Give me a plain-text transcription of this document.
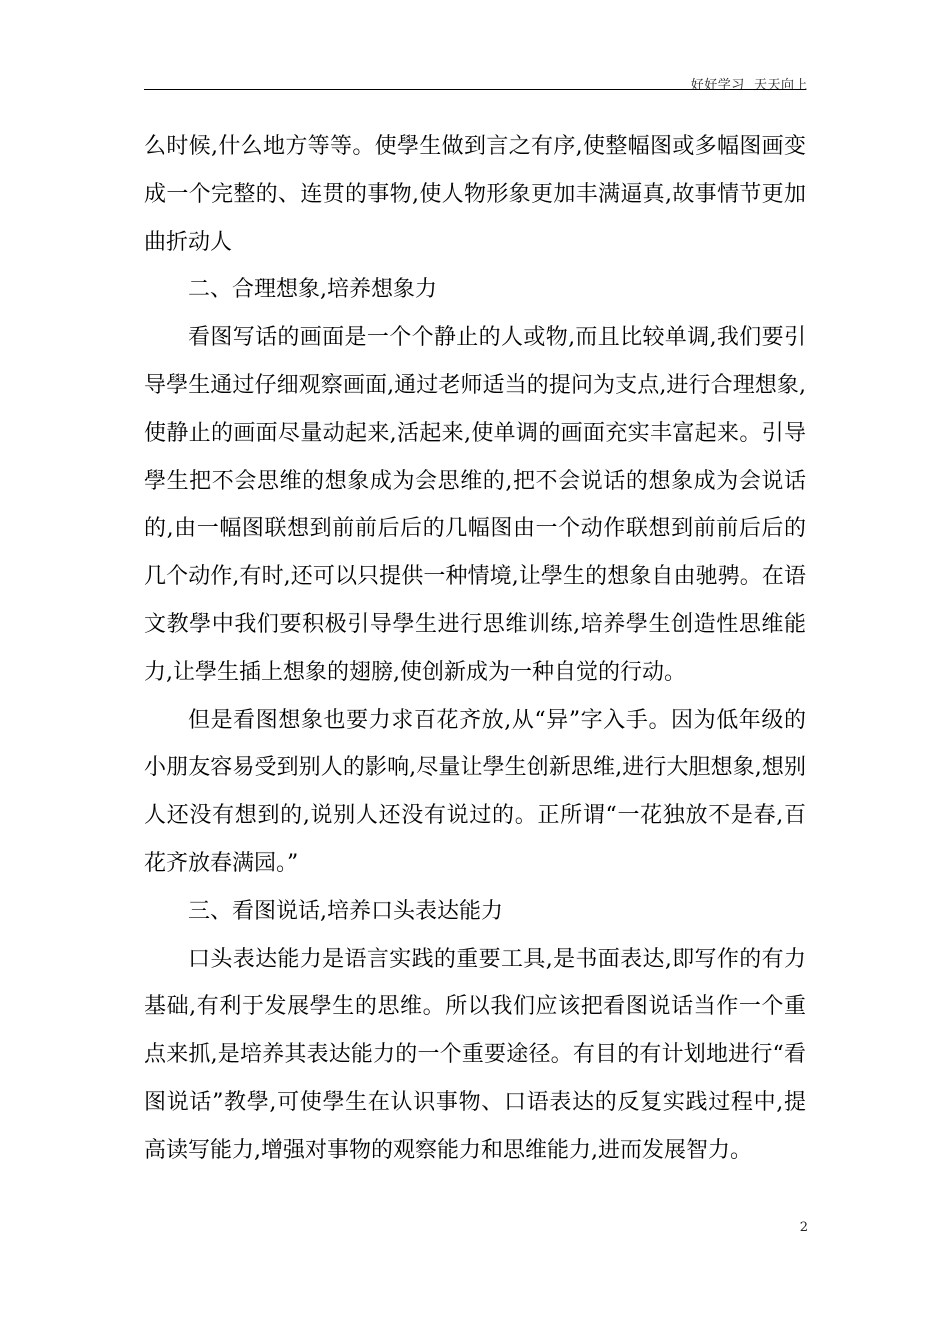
好好学习  天天向上

么时候,什么地方等等。使學生做到言之有序,使整幅图或多幅图画变成一个完整的、连贯的事物,使人物形象更加丰满逼真,故事情节更加曲折动人

二、合理想象,培养想象力

看图写话的画面是一个个静止的人或物,而且比较单调,我们要引导學生通过仔细观察画面,通过老师适当的提问为支点,进行合理想象,使静止的画面尽量动起来,活起来,使单调的画面充实丰富起来。引导學生把不会思维的想象成为会思维的,把不会说话的想象成为会说话的,由一幅图联想到前前后后的几幅图由一个动作联想到前前后后的几个动作,有时,还可以只提供一种情境,让學生的想象自由驰骋。在语文教學中我们要积极引导學生进行思维训练,培养學生创造性思维能力,让學生插上想象的翅膀,使创新成为一种自觉的行动。

但是看图想象也要力求百花齐放,从“异”字入手。因为低年级的小朋友容易受到别人的影响,尽量让學生创新思维,进行大胆想象,想别人还没有想到的,说别人还没有说过的。正所谓“一花独放不是春,百花齐放春满园。”

三、看图说话,培养口头表达能力

口头表达能力是语言实践的重要工具,是书面表达,即写作的有力基础,有利于发展學生的思维。所以我们应该把看图说话当作一个重点来抓,是培养其表达能力的一个重要途径。有目的有计划地进行“看图说话”教學,可使學生在认识事物、口语表达的反复实践过程中,提高读写能力,增强对事物的观察能力和思维能力,进而发展智力。

2
